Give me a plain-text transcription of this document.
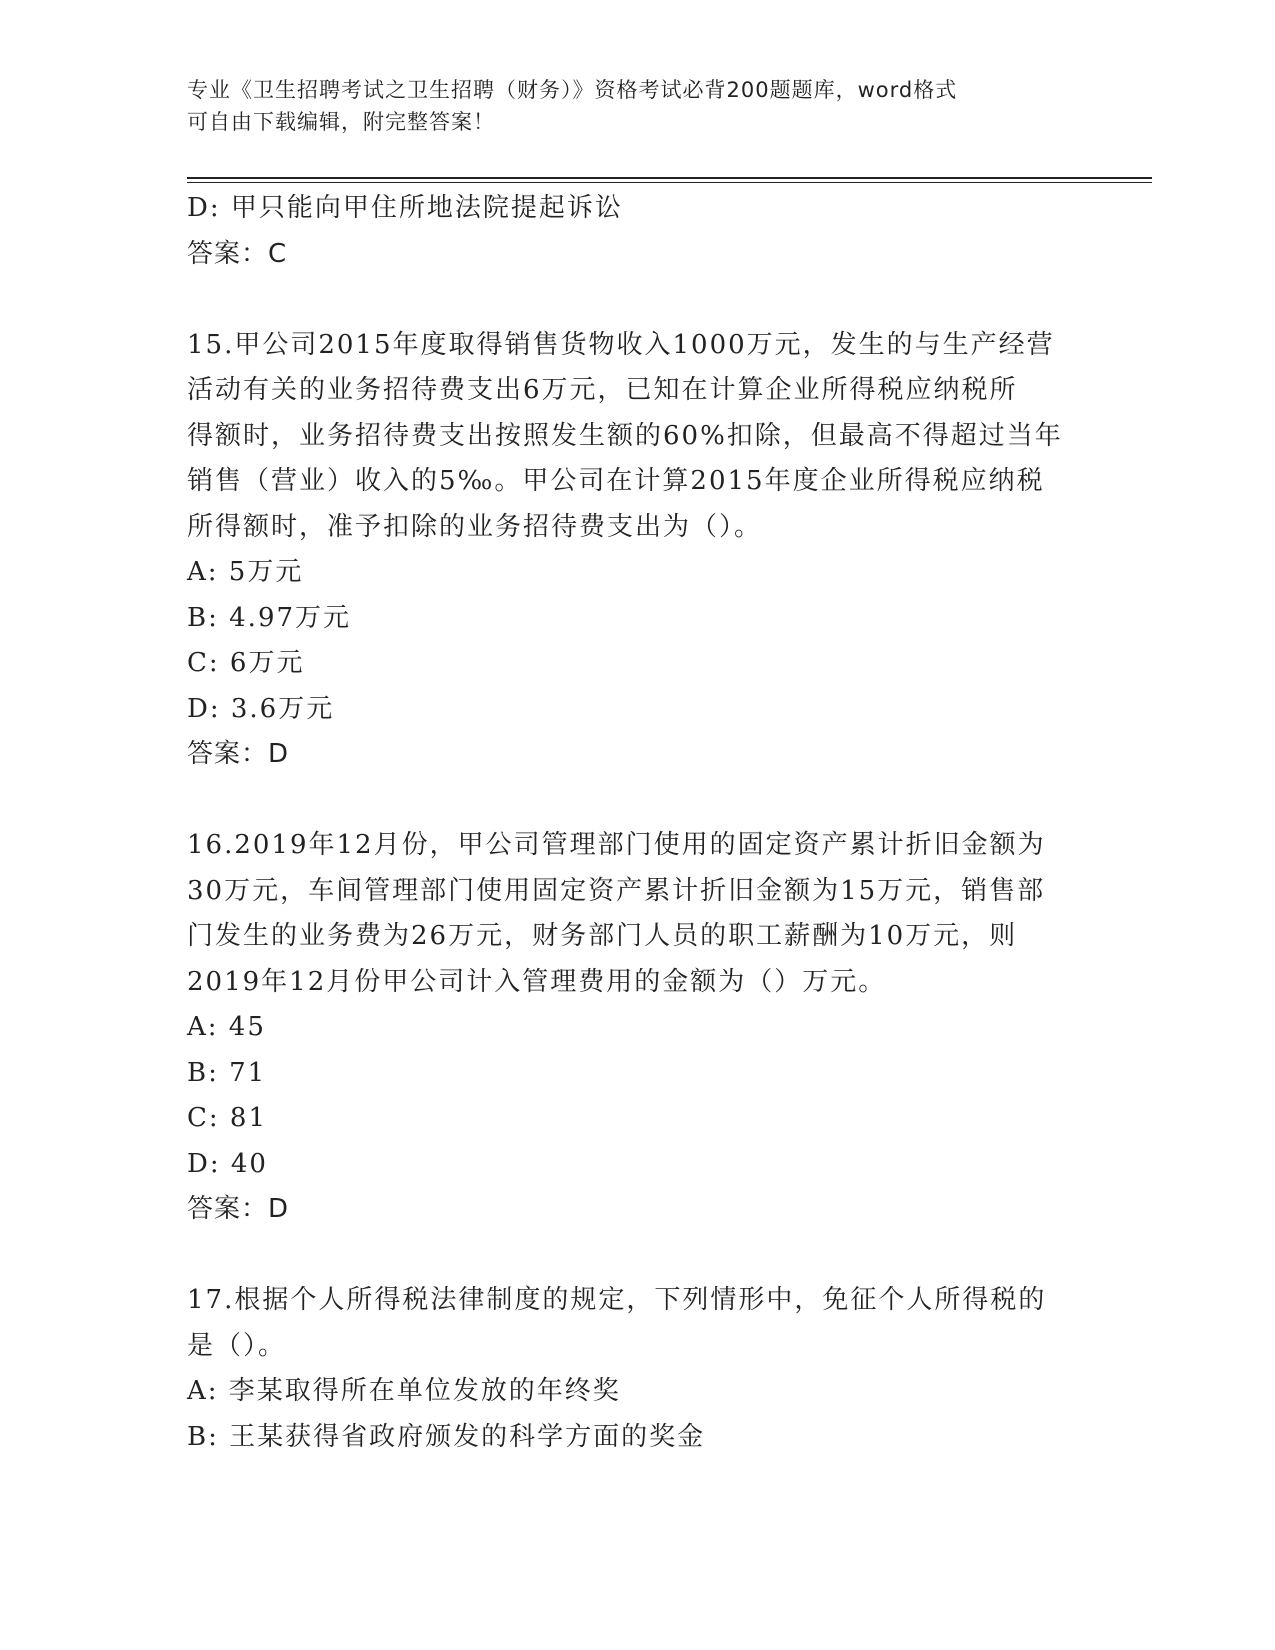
专业《卫生招聘考试之卫生招聘（财务）》资格考试必背200题题库，word格式
可自由下载编辑，附完整答案！
D: 甲只能向甲住所地法院提起诉讼
答案：C
15.甲公司2015年度取得销售货物收入1000万元，发生的与生产经营
活动有关的业务招待费支出6万元，已知在计算企业所得税应纳税所
得额时，业务招待费支出按照发生额的60%扣除，但最高不得超过当年
销售（营业）收入的5‰。甲公司在计算2015年度企业所得税应纳税
所得额时，准予扣除的业务招待费支出为（）。
A: 5万元
B: 4.97万元
C: 6万元
D: 3.6万元
答案：D
16.2019年12月份，甲公司管理部门使用的固定资产累计折旧金额为
30万元，车间管理部门使用固定资产累计折旧金额为15万元，销售部
门发生的业务费为26万元，财务部门人员的职工薪酬为10万元，则
2019年12月份甲公司计入管理费用的金额为（）万元。
A: 45
B: 71
C: 81
D: 40
答案：D
17.根据个人所得税法律制度的规定，下列情形中，免征个人所得税的
是（）。
A: 李某取得所在单位发放的年终奖
B: 王某获得省政府颁发的科学方面的奖金
